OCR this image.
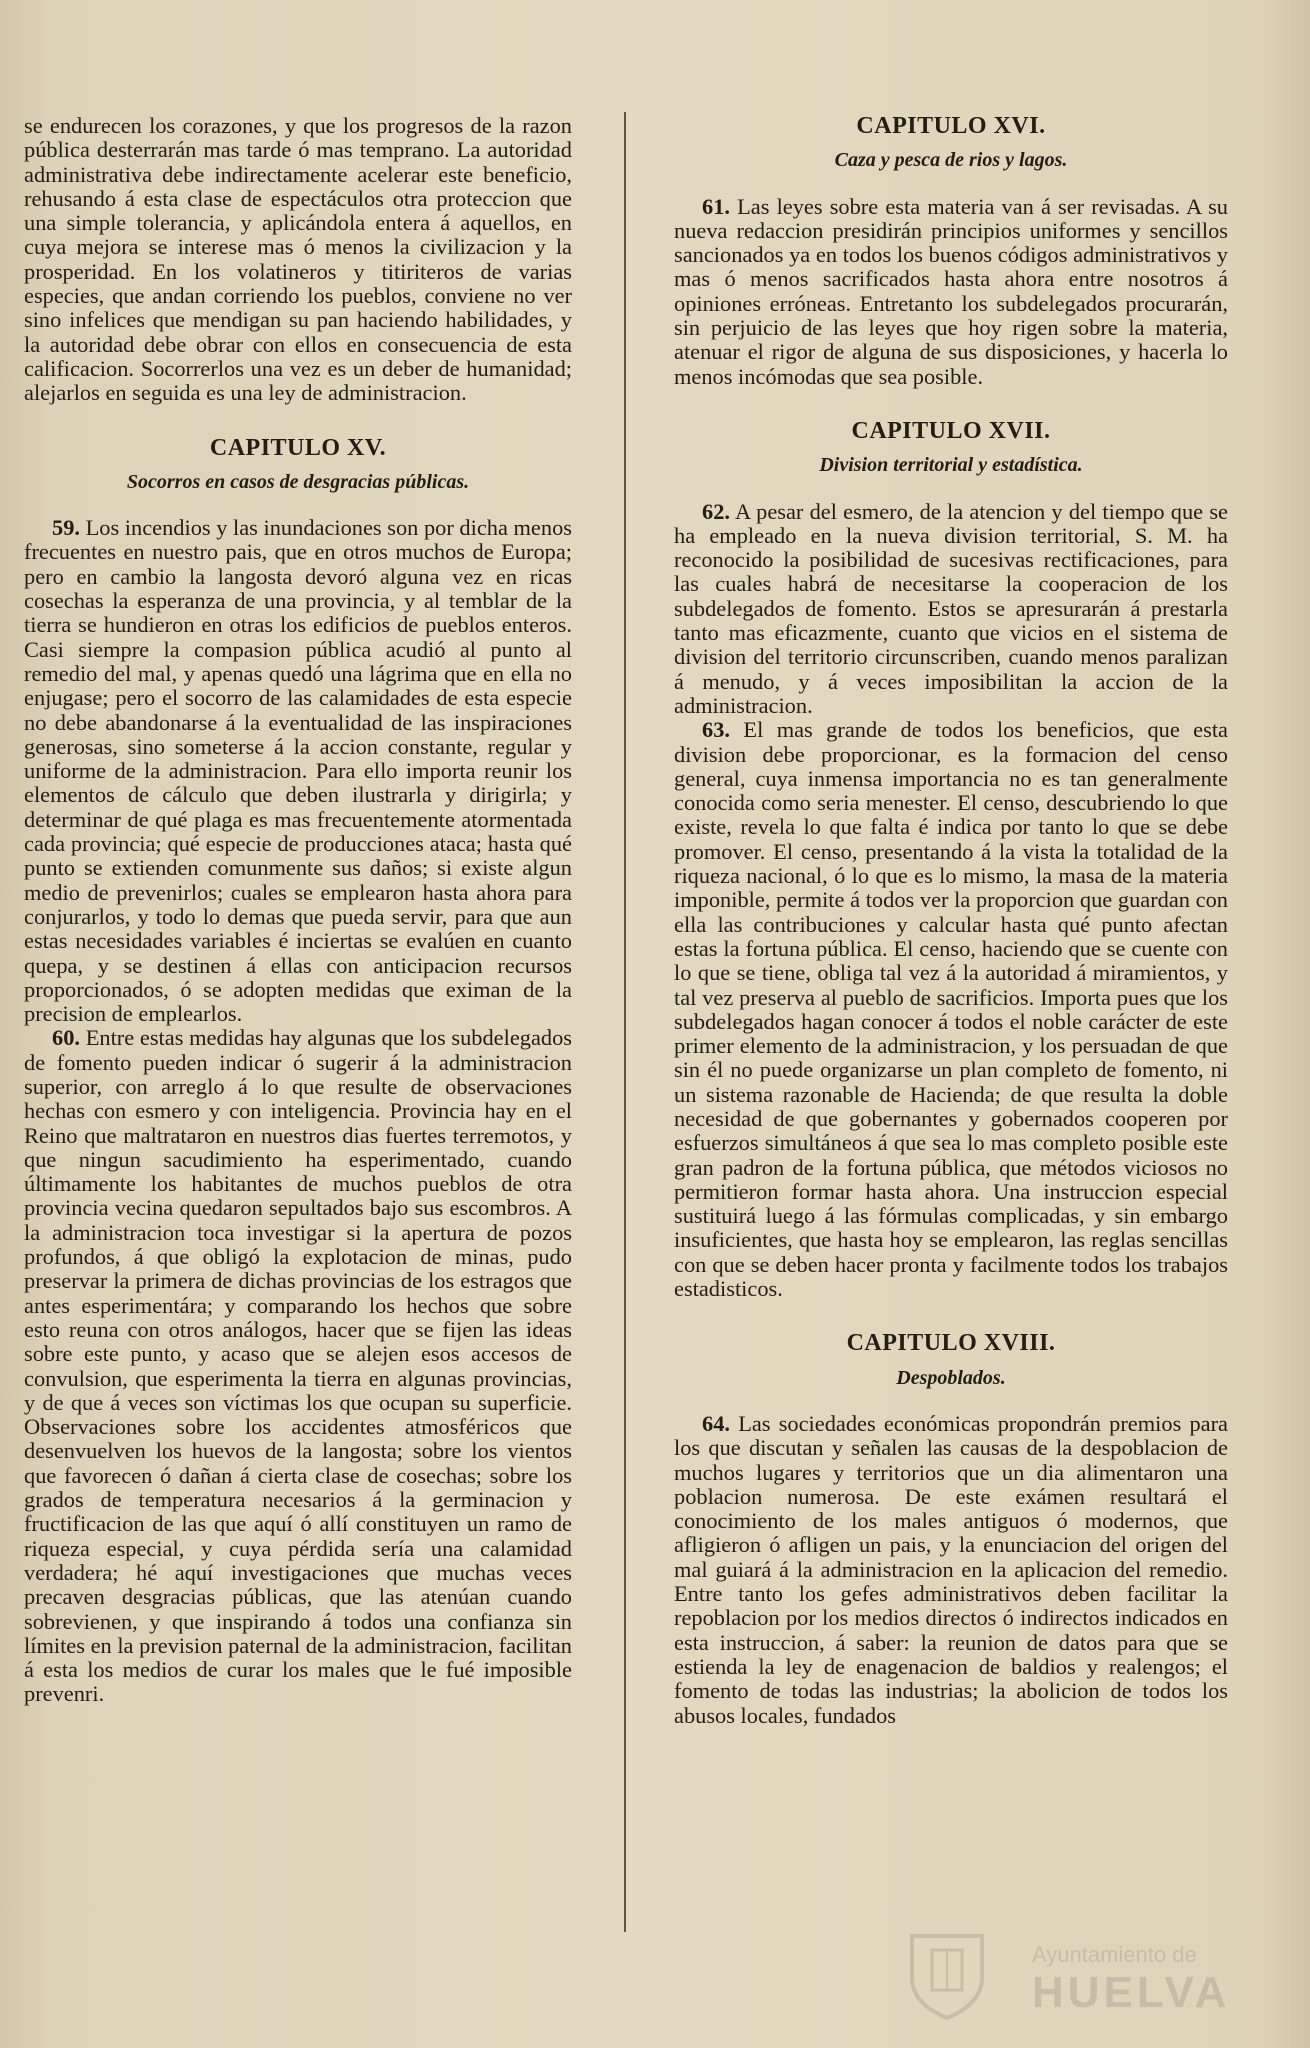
se endurecen los corazones, y que los progresos de la razon pública desterrarán mas tarde ó mas temprano. La autoridad administrativa debe indirectamente acelerar este beneficio, rehusando á esta clase de espectáculos otra proteccion que una simple tolerancia, y aplicándola entera á aquellos, en cuya mejora se interese mas ó menos la civilizacion y la prosperidad. En los volatineros y titiriteros de varias especies, que andan corriendo los pueblos, conviene no ver sino infelices que mendigan su pan haciendo habilidades, y la autoridad debe obrar con ellos en consecuencia de esta calificacion. Socorrerlos una vez es un deber de humanidad; alejarlos en seguida es una ley de administracion.

CAPITULO XV.
Socorros en casos de desgracias públicas.

59. Los incendios y las inundaciones son por dicha menos frecuentes en nuestro pais, que en otros muchos de Europa; pero en cambio la langosta devoró alguna vez en ricas cosechas la esperanza de una provincia, y al temblar de la tierra se hundieron en otras los edificios de pueblos enteros. Casi siempre la compasion pública acudió al punto al remedio del mal, y apenas quedó una lágrima que en ella no enjugase; pero el socorro de las calamidades de esta especie no debe abandonarse á la eventualidad de las inspiraciones generosas, sino someterse á la accion constante, regular y uniforme de la administracion. Para ello importa reunir los elementos de cálculo que deben ilustrarla y dirigirla; y determinar de qué plaga es mas frecuentemente atormentada cada provincia; qué especie de producciones ataca; hasta qué punto se extienden comunmente sus daños; si existe algun medio de prevenirlos; cuales se emplearon hasta ahora para conjurarlos, y todo lo demas que pueda servir, para que aun estas necesidades variables é inciertas se evalúen en cuanto quepa, y se destinen á ellas con anticipacion recursos proporcionados, ó se adopten medidas que eximan de la precision de emplearlos.

60. Entre estas medidas hay algunas que los subdelegados de fomento pueden indicar ó sugerir á la administracion superior, con arreglo á lo que resulte de observaciones hechas con esmero y con inteligencia. Provincia hay en el Reino que maltrataron en nuestros dias fuertes terremotos, y que ningun sacudimiento ha esperimentado, cuando últimamente los habitantes de muchos pueblos de otra provincia vecina quedaron sepultados bajo sus escombros. A la administracion toca investigar si la apertura de pozos profundos, á que obligó la explotacion de minas, pudo preservar la primera de dichas provincias de los estragos que antes esperimentára; y comparando los hechos que sobre esto reuna con otros análogos, hacer que se fijen las ideas sobre este punto, y acaso que se alejen esos accesos de convulsion, que esperimenta la tierra en algunas provincias, y de que á veces son víctimas los que ocupan su superficie. Observaciones sobre los accidentes atmosféricos que desenvuelven los huevos de la langosta; sobre los vientos que favorecen ó dañan á cierta clase de cosechas; sobre los grados de temperatura necesarios á la germinacion y fructificacion de las que aquí ó allí constituyen un ramo de riqueza especial, y cuya pérdida sería una calamidad verdadera; hé aquí investigaciones que muchas veces precaven desgracias públicas, que las atenúan cuando sobrevienen, y que inspirando á todos una confianza sin límites en la prevision paternal de la administracion, facilitan á esta los medios de curar los males que le fué imposible prevenri.

CAPITULO XVI.
Caza y pesca de rios y lagos.

61. Las leyes sobre esta materia van á ser revisadas. A su nueva redaccion presidirán principios uniformes y sencillos sancionados ya en todos los buenos códigos administrativos y mas ó menos sacrificados hasta ahora entre nosotros á opiniones erróneas. Entretanto los subdelegados procurarán, sin perjuicio de las leyes que hoy rigen sobre la materia, atenuar el rigor de alguna de sus disposiciones, y hacerla lo menos incómodas que sea posible.

CAPITULO XVII.
Division territorial y estadística.

62. A pesar del esmero, de la atencion y del tiempo que se ha empleado en la nueva division territorial, S. M. ha reconocido la posibilidad de sucesivas rectificaciones, para las cuales habrá de necesitarse la cooperacion de los subdelegados de fomento. Estos se apresurarán á prestarla tanto mas eficazmente, cuanto que vicios en el sistema de division del territorio circunscriben, cuando menos paralizan á menudo, y á veces imposibilitan la accion de la administracion.

63. El mas grande de todos los beneficios, que esta division debe proporcionar, es la formacion del censo general, cuya inmensa importancia no es tan generalmente conocida como seria menester. El censo, descubriendo lo que existe, revela lo que falta é indica por tanto lo que se debe promover. El censo, presentando á la vista la totalidad de la riqueza nacional, ó lo que es lo mismo, la masa de la materia imponible, permite á todos ver la proporcion que guardan con ella las contribuciones y calcular hasta qué punto afectan estas la fortuna pública. El censo, haciendo que se cuente con lo que se tiene, obliga tal vez á la autoridad á miramientos, y tal vez preserva al pueblo de sacrificios. Importa pues que los subdelegados hagan conocer á todos el noble carácter de este primer elemento de la administracion, y los persuadan de que sin él no puede organizarse un plan completo de fomento, ni un sistema razonable de Hacienda; de que resulta la doble necesidad de que gobernantes y gobernados cooperen por esfuerzos simultáneos á que sea lo mas completo posible este gran padron de la fortuna pública, que métodos viciosos no permitieron formar hasta ahora. Una instruccion especial sustituirá luego á las fórmulas complicadas, y sin embargo insuficientes, que hasta hoy se emplearon, las reglas sencillas con que se deben hacer pronta y facilmente todos los trabajos estadisticos.

CAPITULO XVIII.
Despoblados.

64. Las sociedades económicas propondrán premios para los que discutan y señalen las causas de la despoblacion de muchos lugares y territorios que un dia alimentaron una poblacion numerosa. De este exámen resultará el conocimiento de los males antiguos ó modernos, que afligieron ó afligen un pais, y la enunciacion del origen del mal guiará á la administracion en la aplicacion del remedio. Entre tanto los gefes administrativos deben facilitar la repoblacion por los medios directos ó indirectos indicados en esta instruccion, á saber: la reunion de datos para que se estienda la ley de enagenacion de baldios y realengos; el fomento de todas las industrias; la abolicion de todos los abusos locales, fundados

Ayuntamiento de
HUELVA
